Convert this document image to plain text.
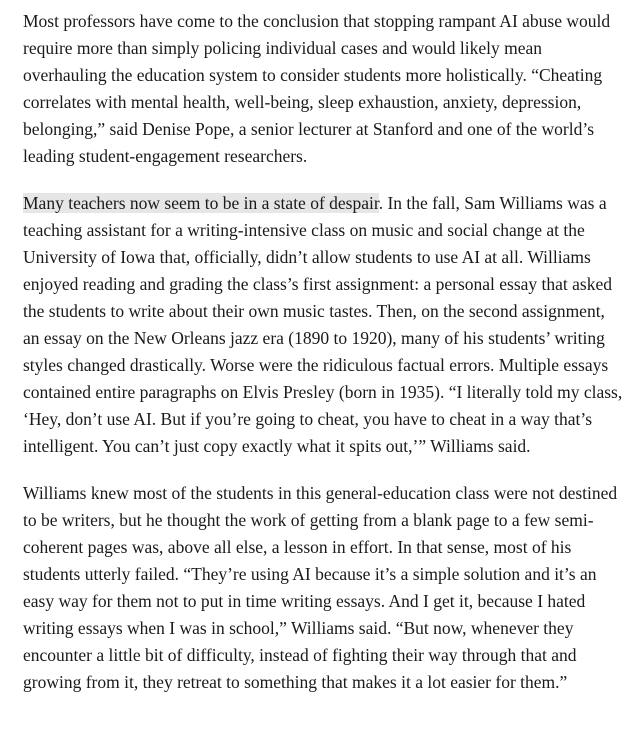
Most professors have come to the conclusion that stopping rampant AI abuse would require more than simply policing individual cases and would likely mean overhauling the education system to consider students more holistically. “Cheating correlates with mental health, well-being, sleep exhaustion, anxiety, depression, belonging,” said Denise Pope, a senior lecturer at Stanford and one of the world’s leading student-engagement researchers.

Many teachers now seem to be in a state of despair. In the fall, Sam Williams was a teaching assistant for a writing-intensive class on music and social change at the University of Iowa that, officially, didn’t allow students to use AI at all. Williams enjoyed reading and grading the class’s first assignment: a personal essay that asked the students to write about their own music tastes. Then, on the second assignment, an essay on the New Orleans jazz era (1890 to 1920), many of his students’ writing styles changed drastically. Worse were the ridiculous factual errors. Multiple essays contained entire paragraphs on Elvis Presley (born in 1935). “I literally told my class, ‘Hey, don’t use AI. But if you’re going to cheat, you have to cheat in a way that’s intelligent. You can’t just copy exactly what it spits out,’” Williams said.

Williams knew most of the students in this general-education class were not destined to be writers, but he thought the work of getting from a blank page to a few semi-coherent pages was, above all else, a lesson in effort. In that sense, most of his students utterly failed. “They’re using AI because it’s a simple solution and it’s an easy way for them not to put in time writing essays. And I get it, because I hated writing essays when I was in school,” Williams said. “But now, whenever they encounter a little bit of difficulty, instead of fighting their way through that and growing from it, they retreat to something that makes it a lot easier for them.”
